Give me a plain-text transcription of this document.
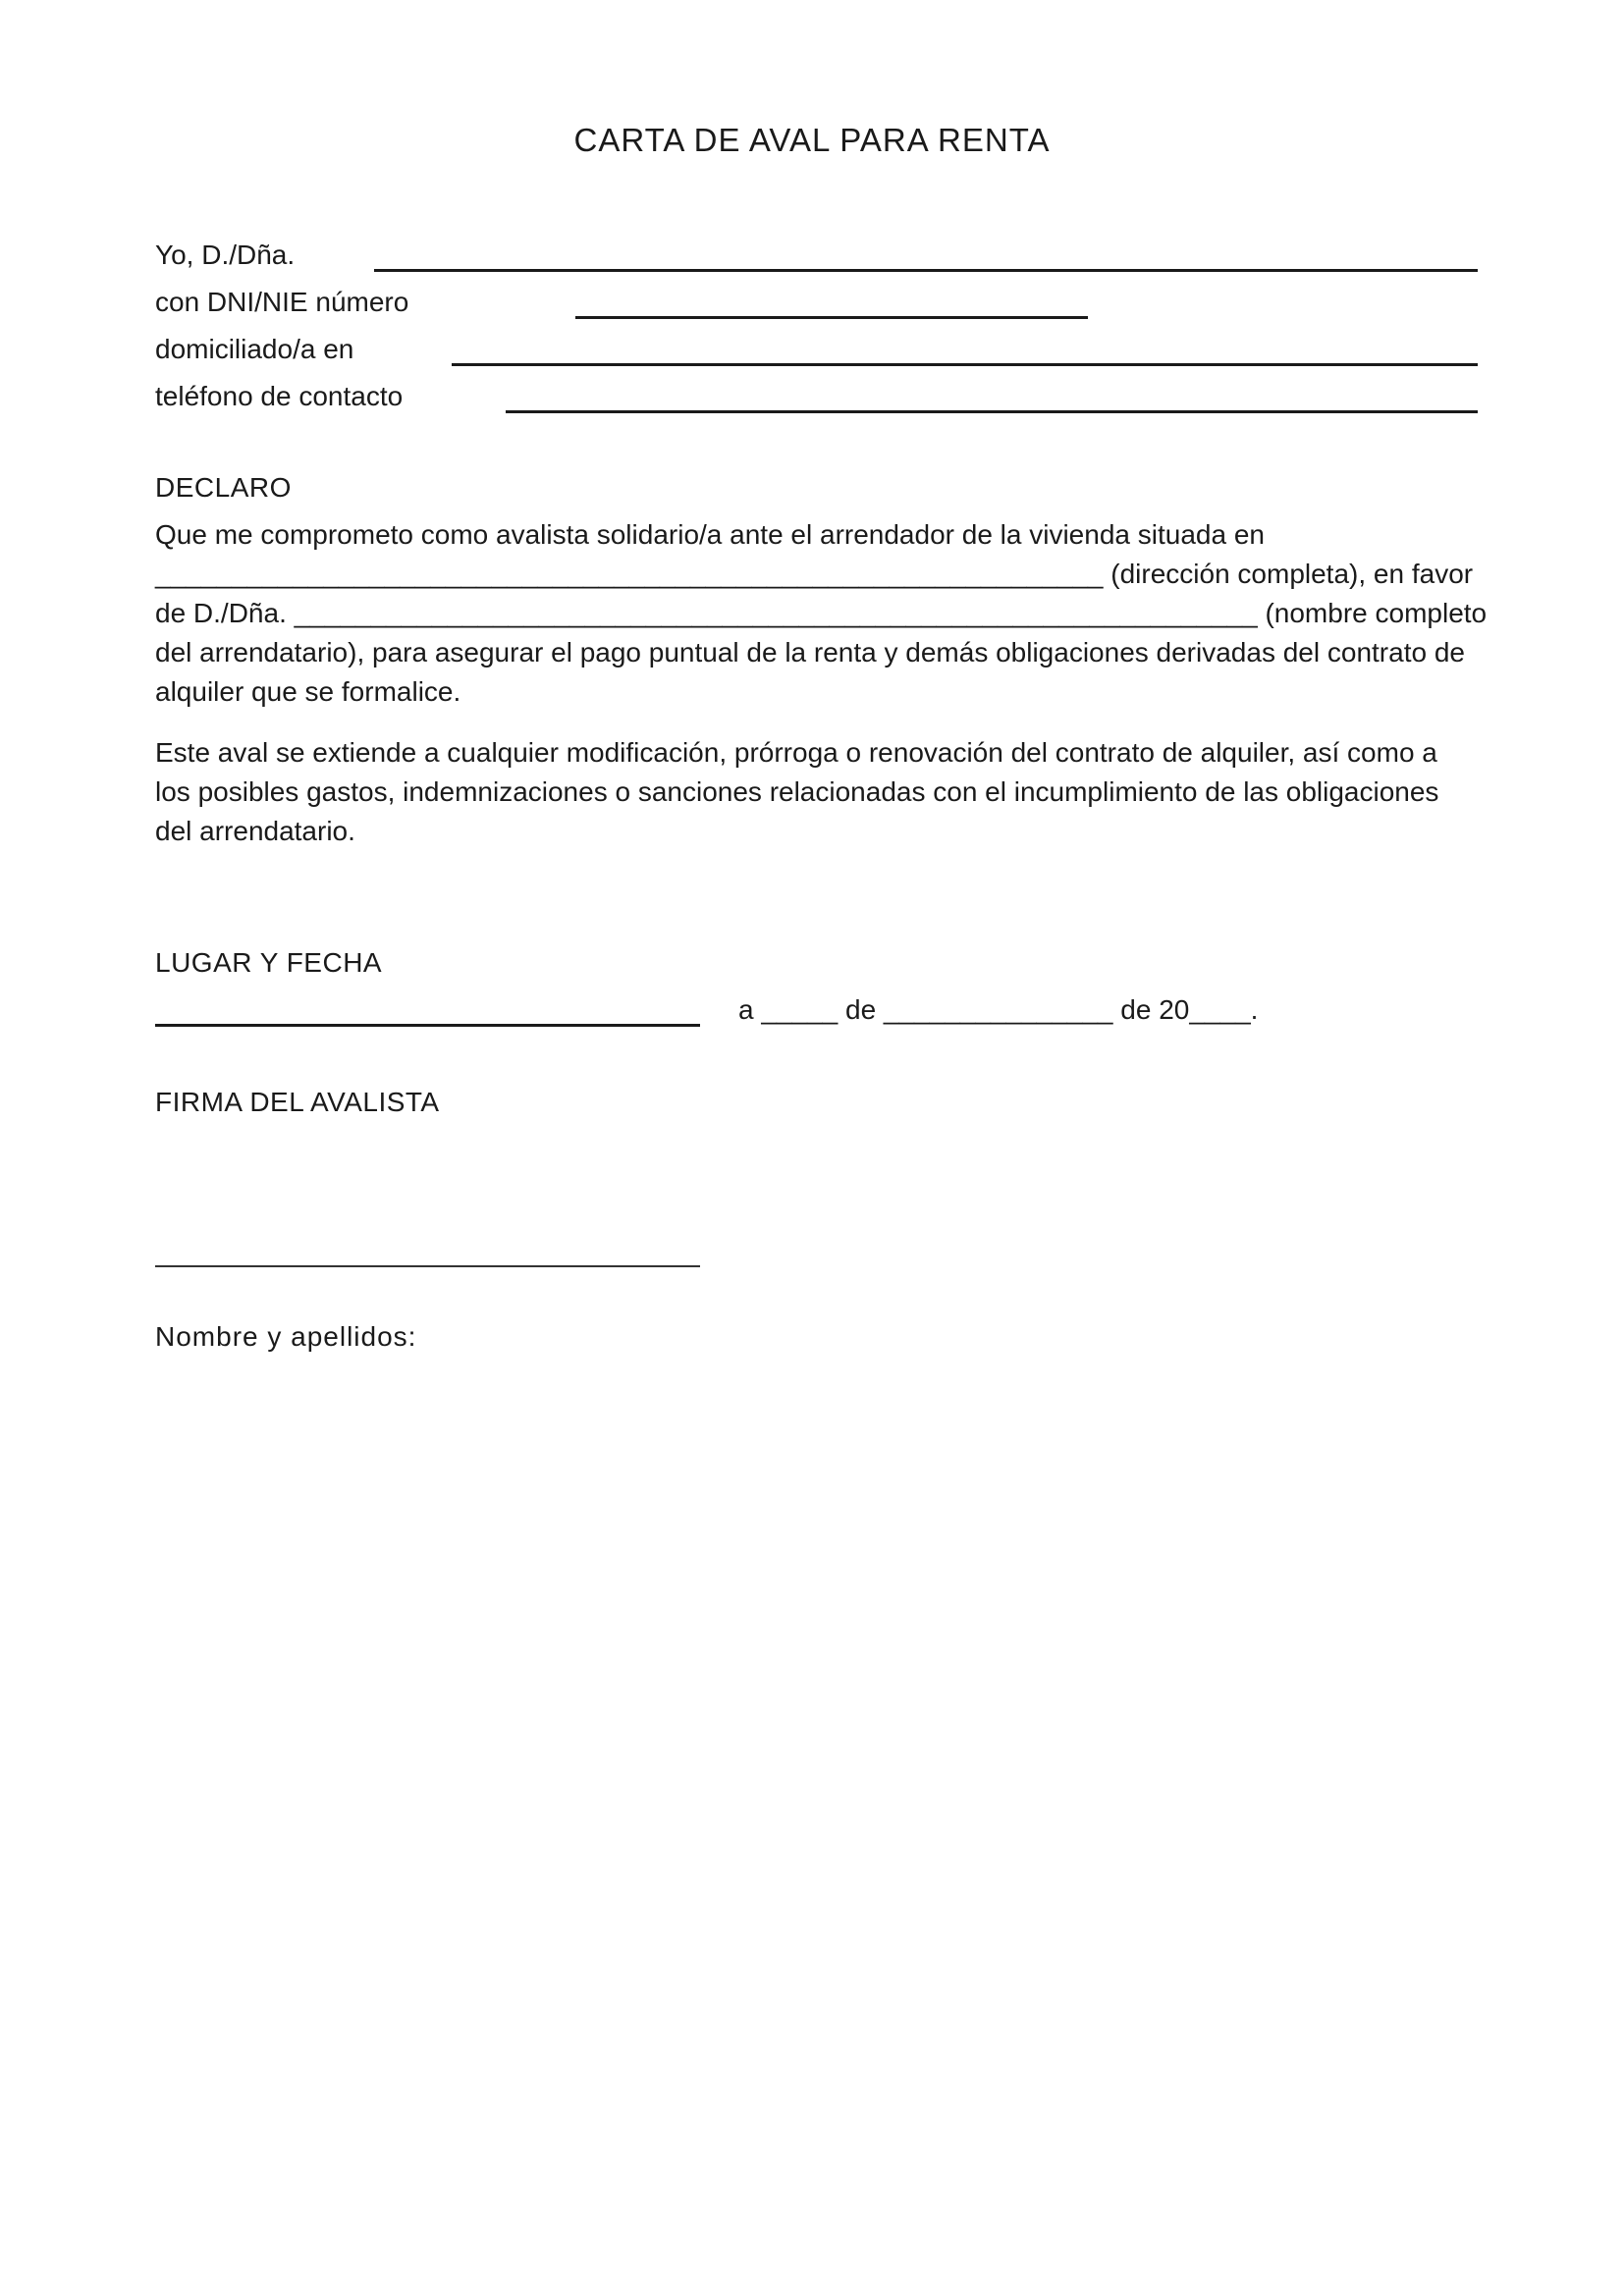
CARTA DE AVAL PARA RENTA
Yo, D./Dña.
con DNI/NIE número
domiciliado/a en
teléfono de contacto
DECLARO
Que me comprometo como avalista solidario/a ante el arrendador de la vivienda situada en
______________________________________________________________ (dirección completa), en favor
de D./Dña. _______________________________________________________________ (nombre completo
del arrendatario), para asegurar el pago puntual de la renta y demás obligaciones derivadas del contrato de
alquiler que se formalice.
Este aval se extiende a cualquier modificación, prórroga o renovación del contrato de alquiler, así como a
los posibles gastos, indemnizaciones o sanciones relacionadas con el incumplimiento de las obligaciones
del arrendatario.
LUGAR Y FECHA
a _____ de _______________ de 20____.
FIRMA DEL AVALISTA
Nombre y apellidos:
